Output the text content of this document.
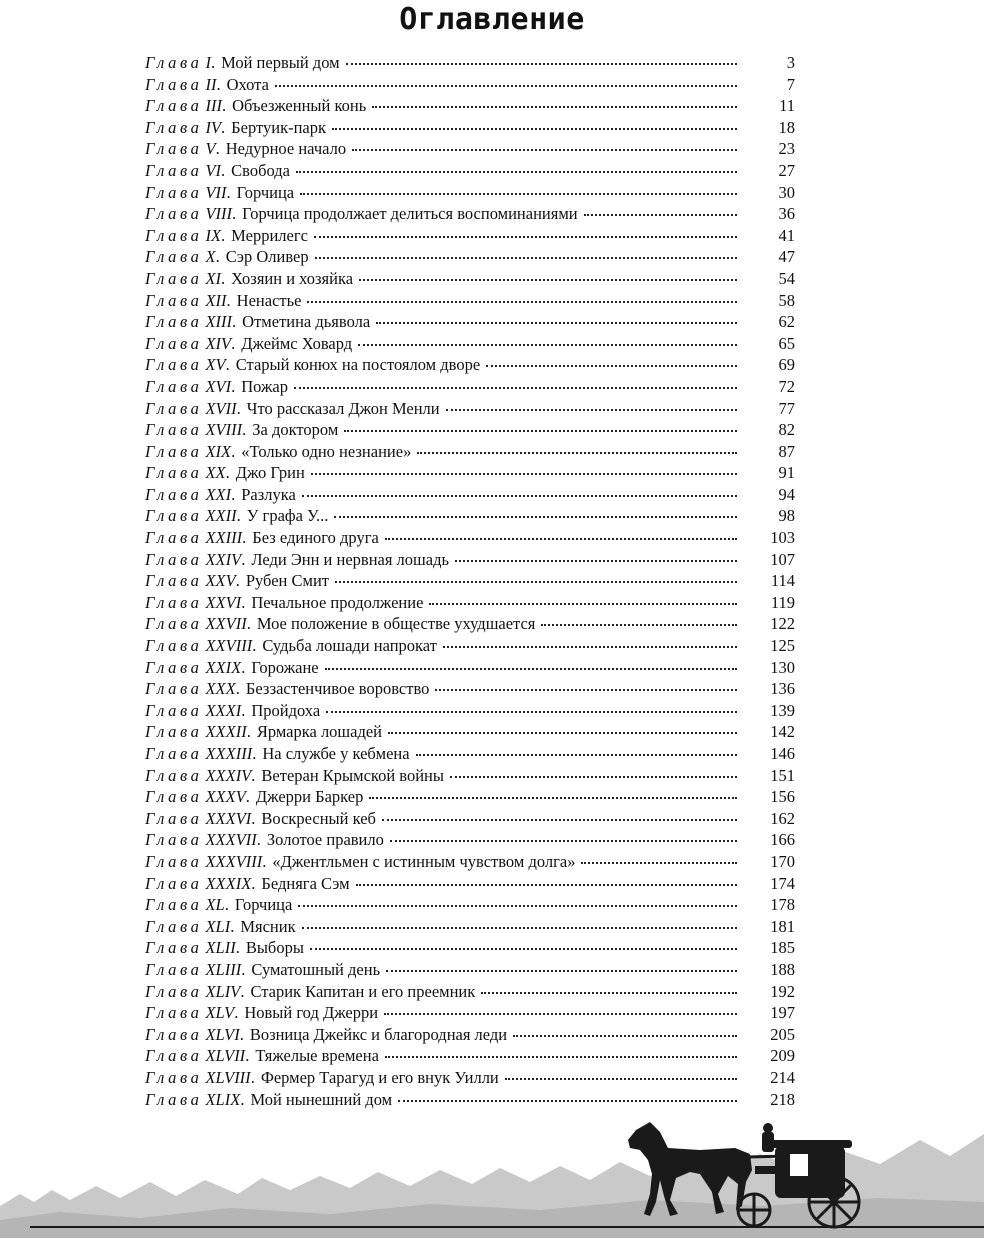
Оглавление
Глава I . Мой первый дом	3
Глава II . Охота	7
Глава III . Объезженный конь	11
Глава IV . Бертуик-парк	18
Глава V . Недурное начало	23
Глава VI . Свобода	27
Глава VII . Горчица	30
Глава VIII . Горчица продолжает делиться воспоминаниями	36
Глава IX . Меррилегс	41
Глава X . Сэр Оливер	47
Глава XI . Хозяин и хозяйка	54
Глава XII . Ненастье	58
Глава XIII . Отметина дьявола	62
Глава XIV . Джеймс Ховард	65
Глава XV . Старый конюх на постоялом дворе	69
Глава XVI . Пожар	72
Глава XVII . Что рассказал Джон Менли	77
Глава XVIII . За доктором	82
Глава XIX . «Только одно незнание»	87
Глава XX . Джо Грин	91
Глава XXI . Разлука	94
Глава XXII . У графа У...	98
Глава XXIII . Без единого друга	103
Глава XXIV . Леди Энн и нервная лошадь	107
Глава XXV . Рубен Смит	114
Глава XXVI . Печальное продолжение	119
Глава XXVII . Мое положение в обществе ухудшается	122
Глава XXVIII . Судьба лошади напрокат	125
Глава XXIX . Горожане	130
Глава XXX . Беззастенчивое воровство	136
Глава XXXI . Пройдоха	139
Глава XXXII . Ярмарка лошадей	142
Глава XXXIII . На службе у кебмена	146
Глава XXXIV . Ветеран Крымской войны	151
Глава XXXV . Джерри Баркер	156
Глава XXXVI . Воскресный кеб	162
Глава XXXVII . Золотое правило	166
Глава XXXVIII . «Джентльмен с истинным чувством долга»	170
Глава XXXIX . Бедняга Сэм	174
Глава XL . Горчица	178
Глава XLI . Мясник	181
Глава XLII . Выборы	185
Глава XLIII . Суматошный день	188
Глава XLIV . Старик Капитан и его преемник	192
Глава XLV . Новый год Джерри	197
Глава XLVI . Возница Джейкс и благородная леди	205
Глава XLVII . Тяжелые времена	209
Глава XLVIII . Фермер Тарагуд и его внук Уилли	214
Глава XLIX . Мой нынешний дом	218
